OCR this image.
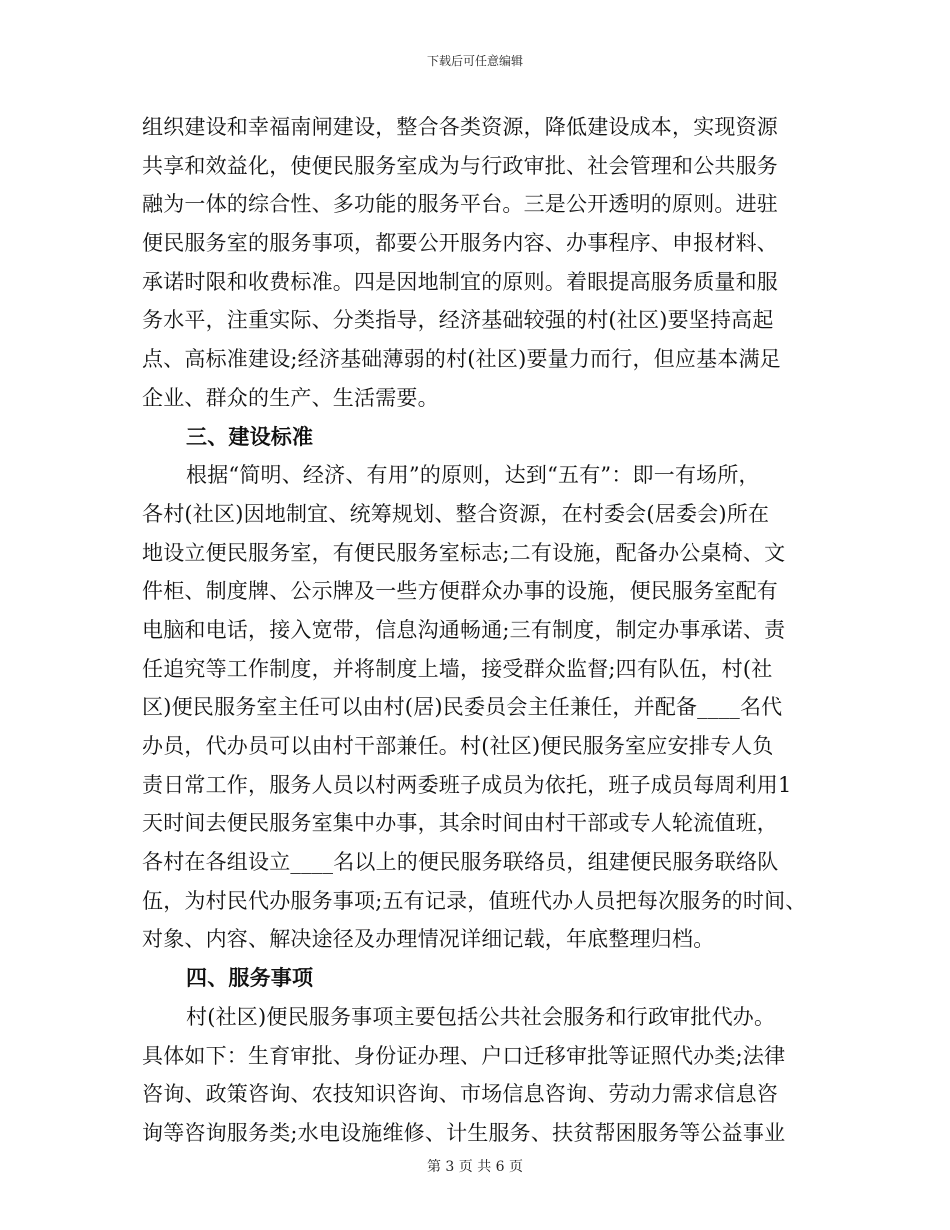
下载后可任意编辑
组织建设和幸福南闸建设，整合各类资源，降低建设成本，实现资源
共享和效益化，使便民服务室成为与行政审批、社会管理和公共服务
融为一体的综合性、多功能的服务平台。三是公开透明的原则。进驻
便民服务室的服务事项，都要公开服务内容、办事程序、申报材料、
承诺时限和收费标准。四是因地制宜的原则。着眼提高服务质量和服
务水平，注重实际、分类指导，经济基础较强的村(社区)要坚持高起
点、高标准建设;经济基础薄弱的村(社区)要量力而行，但应基本满足
企业、群众的生产、生活需要。
三、建设标准
根据“简明、经济、有用”的原则，达到“五有”：即一有场所，
各村(社区)因地制宜、统筹规划、整合资源，在村委会(居委会)所在
地设立便民服务室，有便民服务室标志;二有设施，配备办公桌椅、文
件柜、制度牌、公示牌及一些方便群众办事的设施，便民服务室配有
电脑和电话，接入宽带，信息沟通畅通;三有制度，制定办事承诺、责
任追究等工作制度，并将制度上墙，接受群众监督;四有队伍，村(社
区)便民服务室主任可以由村(居)民委员会主任兼任，并配备____名代
办员，代办员可以由村干部兼任。村(社区)便民服务室应安排专人负
责日常工作，服务人员以村两委班子成员为依托，班子成员每周利用1
天时间去便民服务室集中办事，其余时间由村干部或专人轮流值班，
各村在各组设立____名以上的便民服务联络员，组建便民服务联络队
伍，为村民代办服务事项;五有记录，值班代办人员把每次服务的时间、
对象、内容、解决途径及办理情况详细记载，年底整理归档。
四、服务事项
村(社区)便民服务事项主要包括公共社会服务和行政审批代办。
具体如下：生育审批、身份证办理、户口迁移审批等证照代办类;法律
咨询、政策咨询、农技知识咨询、市场信息咨询、劳动力需求信息咨
询等咨询服务类;水电设施维修、计生服务、扶贫帮困服务等公益事业
第 3 页 共 6 页
